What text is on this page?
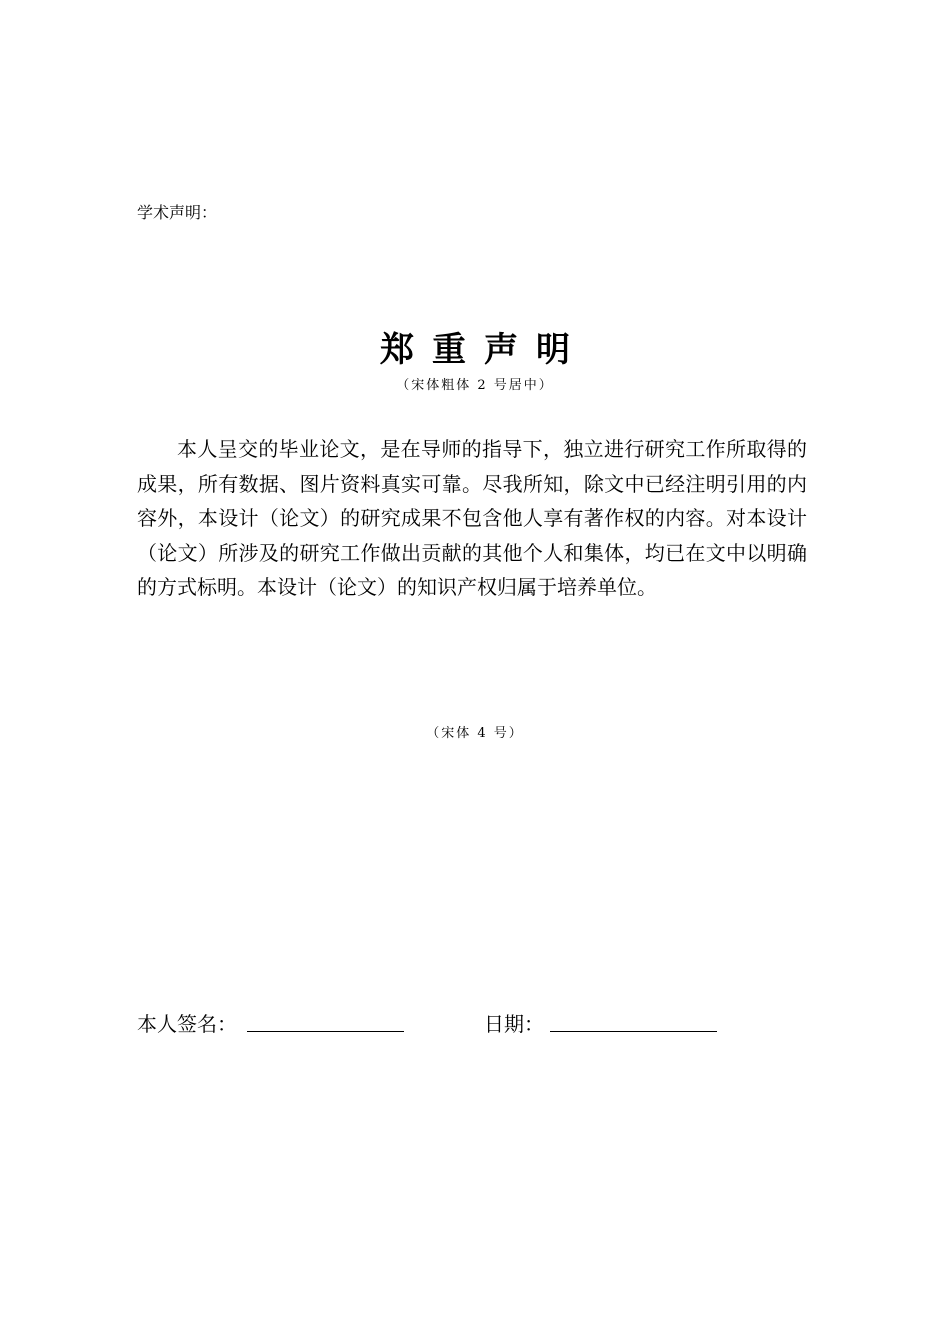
学术声明：
郑重声明
（宋体粗体 2 号居中）
本人呈交的毕业论文，是在导师的指导下，独立进行研究工作所取得的成果，所有数据、图片资料真实可靠。尽我所知，除文中已经注明引用的内容外，本设计（论文）的研究成果不包含他人享有著作权的内容。对本设计（论文）所涉及的研究工作做出贡献的其他个人和集体，均已在文中以明确的方式标明。本设计（论文）的知识产权归属于培养单位。
（宋体 4 号）
本人签名：	日期：
